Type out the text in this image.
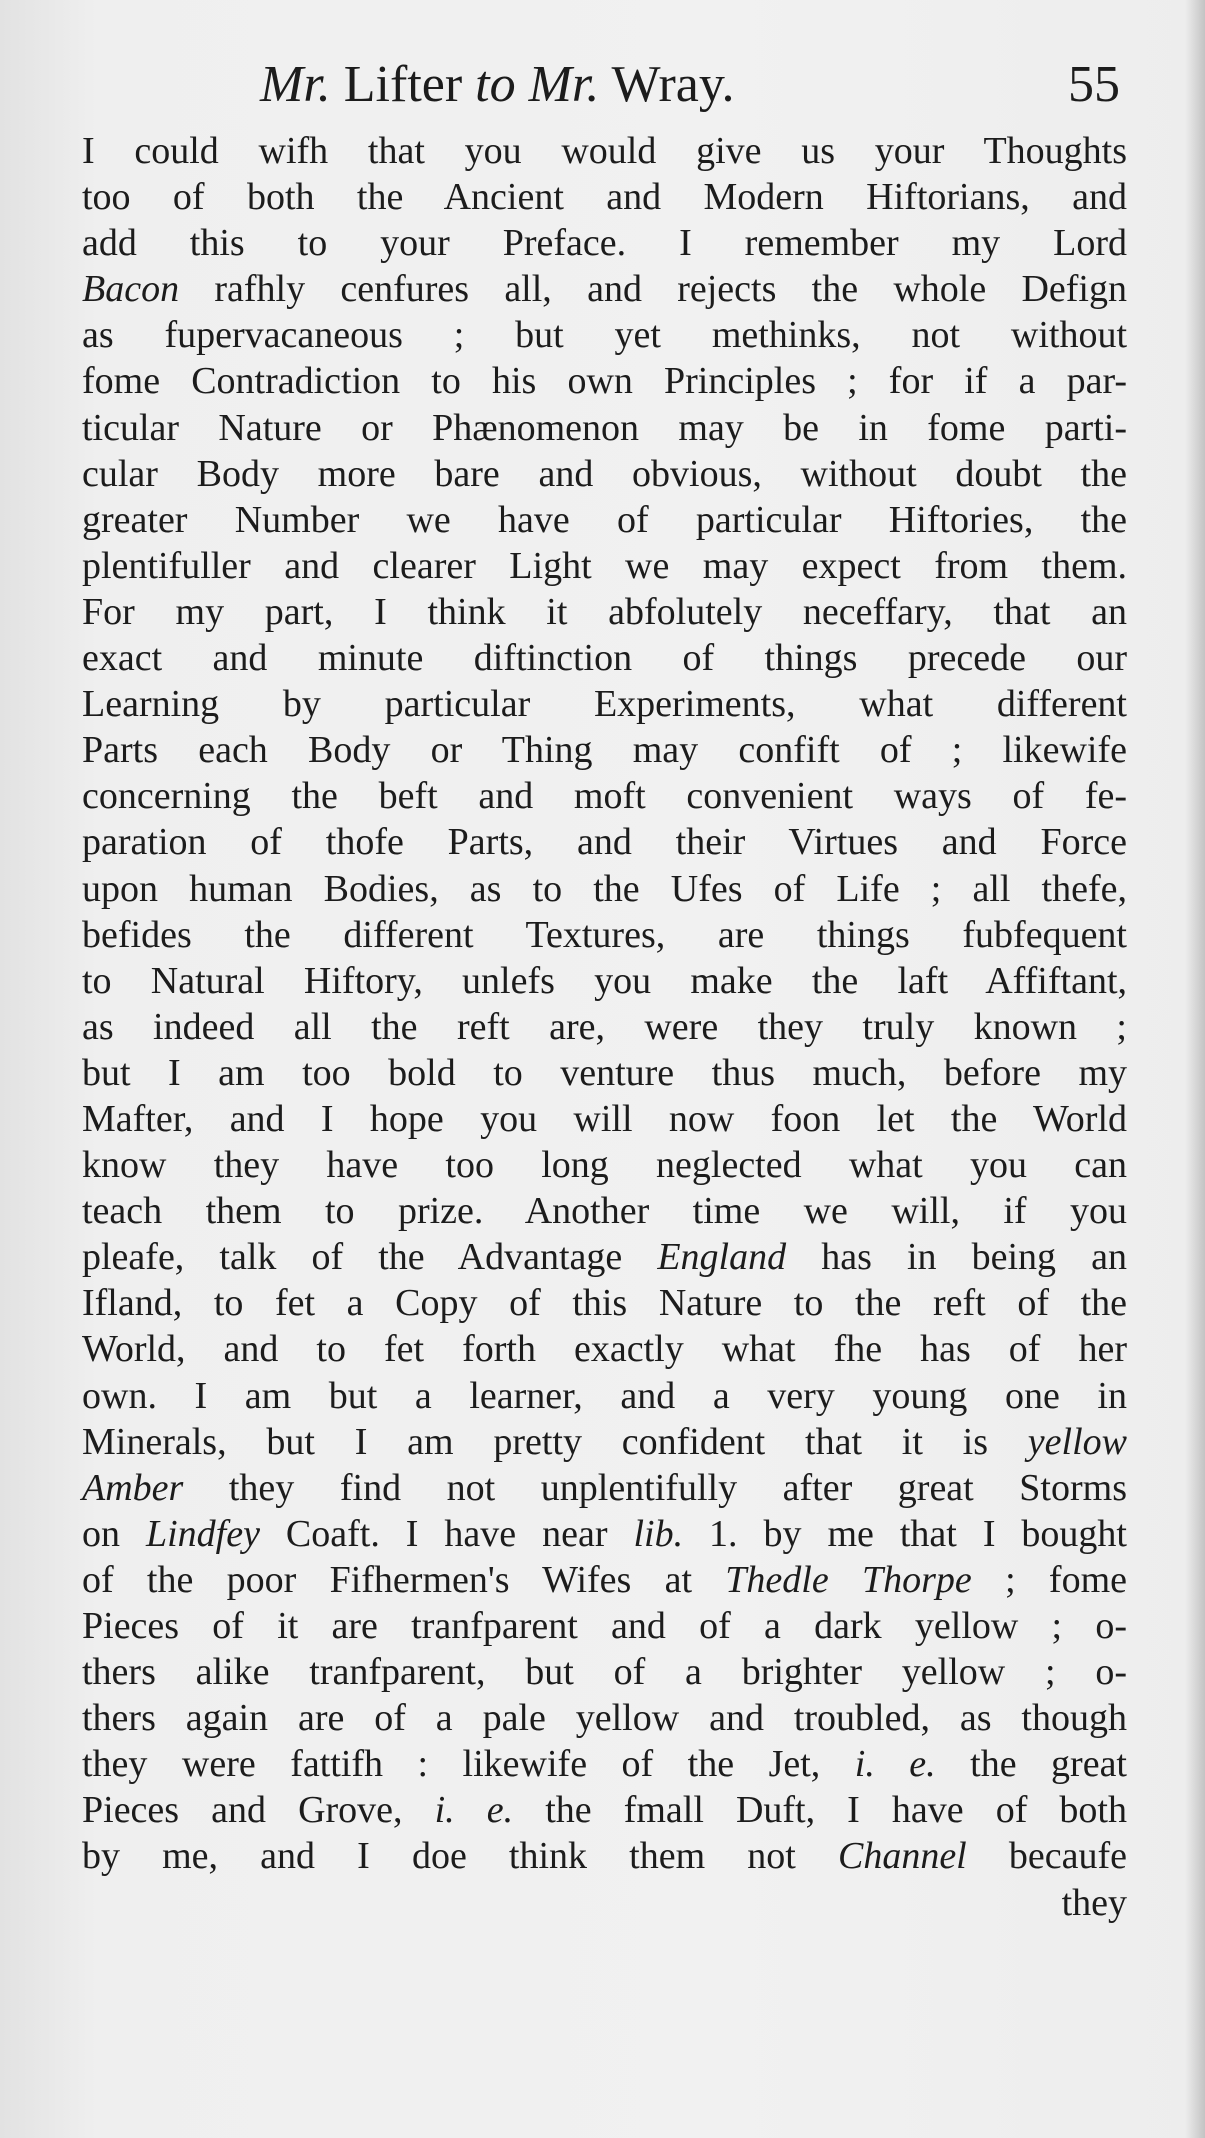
Mr. Lifter to Mr. Wray.	55
I could wifh that you would give us your Thoughts
too of both the Ancient and Modern Hiftorians, and
add this to your Preface. I remember my Lord
Bacon rafhly cenfures all, and rejects the whole Defign
as fupervacaneous ; but yet methinks, not without
fome Contradiction to his own Principles ; for if a par-
ticular Nature or Phænomenon may be in fome parti-
cular Body more bare and obvious, without doubt the
greater Number we have of particular Hiftories, the
plentifuller and clearer Light we may expect from them.
For my part, I think it abfolutely neceffary, that an
exact and minute diftinction of things precede our
Learning by particular Experiments, what different
Parts each Body or Thing may confift of ; likewife
concerning the beft and moft convenient ways of fe-
paration of thofe Parts, and their Virtues and Force
upon human Bodies, as to the Ufes of Life ; all thefe,
befides the different Textures, are things fubfequent
to Natural Hiftory, unlefs you make the laft Affiftant,
as indeed all the reft are, were they truly known ;
but I am too bold to venture thus much, before my
Mafter, and I hope you will now foon let the World
know they have too long neglected what you can
teach them to prize. Another time we will, if you
pleafe, talk of the Advantage England has in being an
Ifland, to fet a Copy of this Nature to the reft of the
World, and to fet forth exactly what fhe has of her
own. I am but a learner, and a very young one in
Minerals, but I am pretty confident that it is yellow
Amber they find not unplentifully after great Storms
on Lindfey Coaft. I have near lib. 1. by me that I bought
of the poor Fifhermen's Wifes at Thedle Thorpe ; fome
Pieces of it are tranfparent and of a dark yellow ; o-
thers alike tranfparent, but of a brighter yellow ; o-
thers again are of a pale yellow and troubled, as though
they were fattifh : likewife of the Jet, i. e. the great
Pieces and Grove, i. e. the fmall Duft, I have of both
by me, and I doe think them not Channel becaufe
they
